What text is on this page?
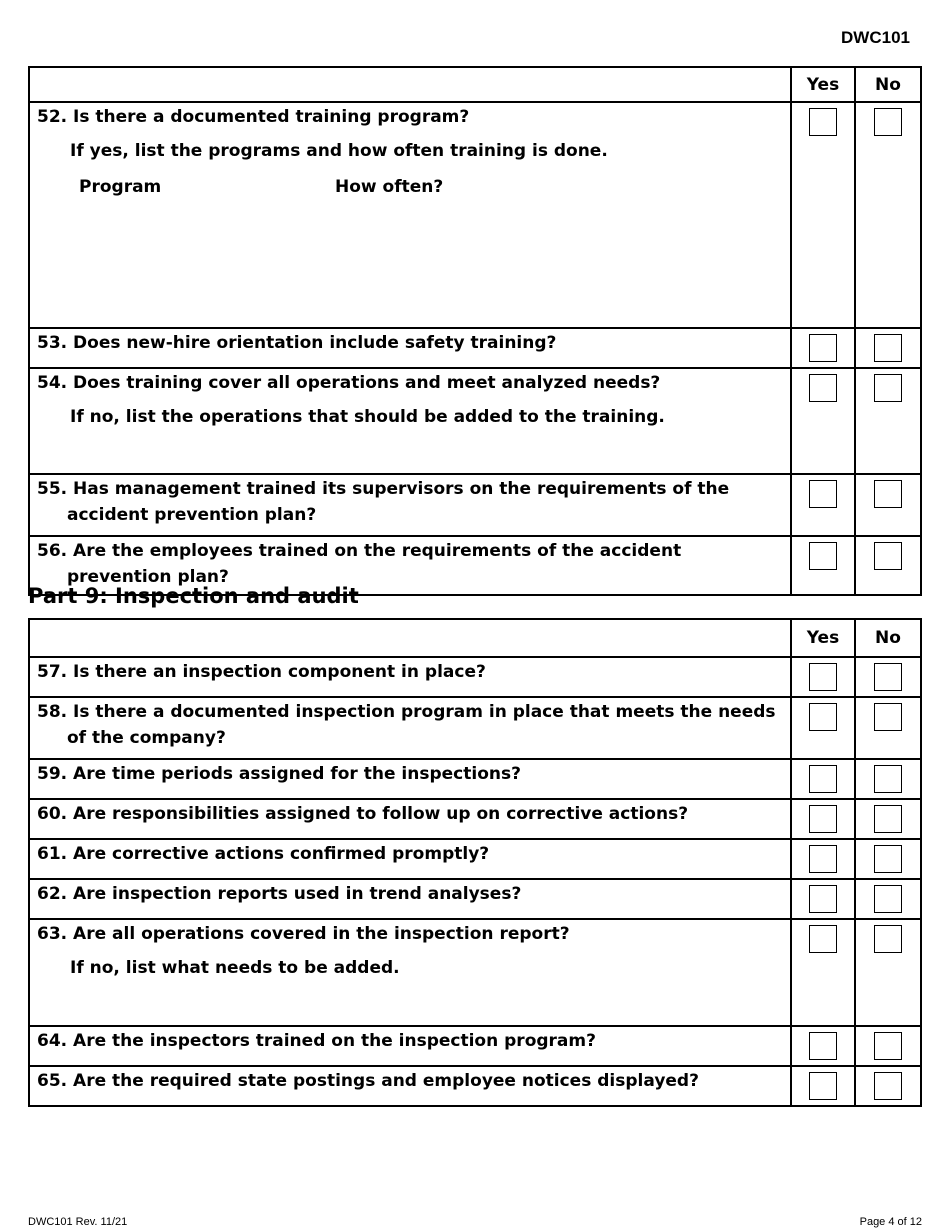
DWC101
	Yes	No

52. Is there a documented training program?
If yes, list the programs and how often training is done.
Program How often?		

53. Does new-hire orientation include safety training?		

54. Does training cover all operations and meet analyzed needs?
If no, list the operations that should be added to the training.		

55. Has management trained its supervisors on the requirements of the accident prevention plan?		

56. Are the employees trained on the requirements of the accident prevention plan?		

Part 9: Inspection and audit
	Yes	No

57. Is there an inspection component in place?		

58. Is there a documented inspection program in place that meets the needs of the company?		

59. Are time periods assigned for the inspections?		

60. Are responsibilities assigned to follow up on corrective actions?		

61. Are corrective actions confirmed promptly?		

62. Are inspection reports used in trend analyses?		

63. Are all operations covered in the inspection report?
If no, list what needs to be added.		

64. Are the inspectors trained on the inspection program?		

65. Are the required state postings and employee notices displayed?		

DWC101 Rev. 11/21	Page 4 of 12
